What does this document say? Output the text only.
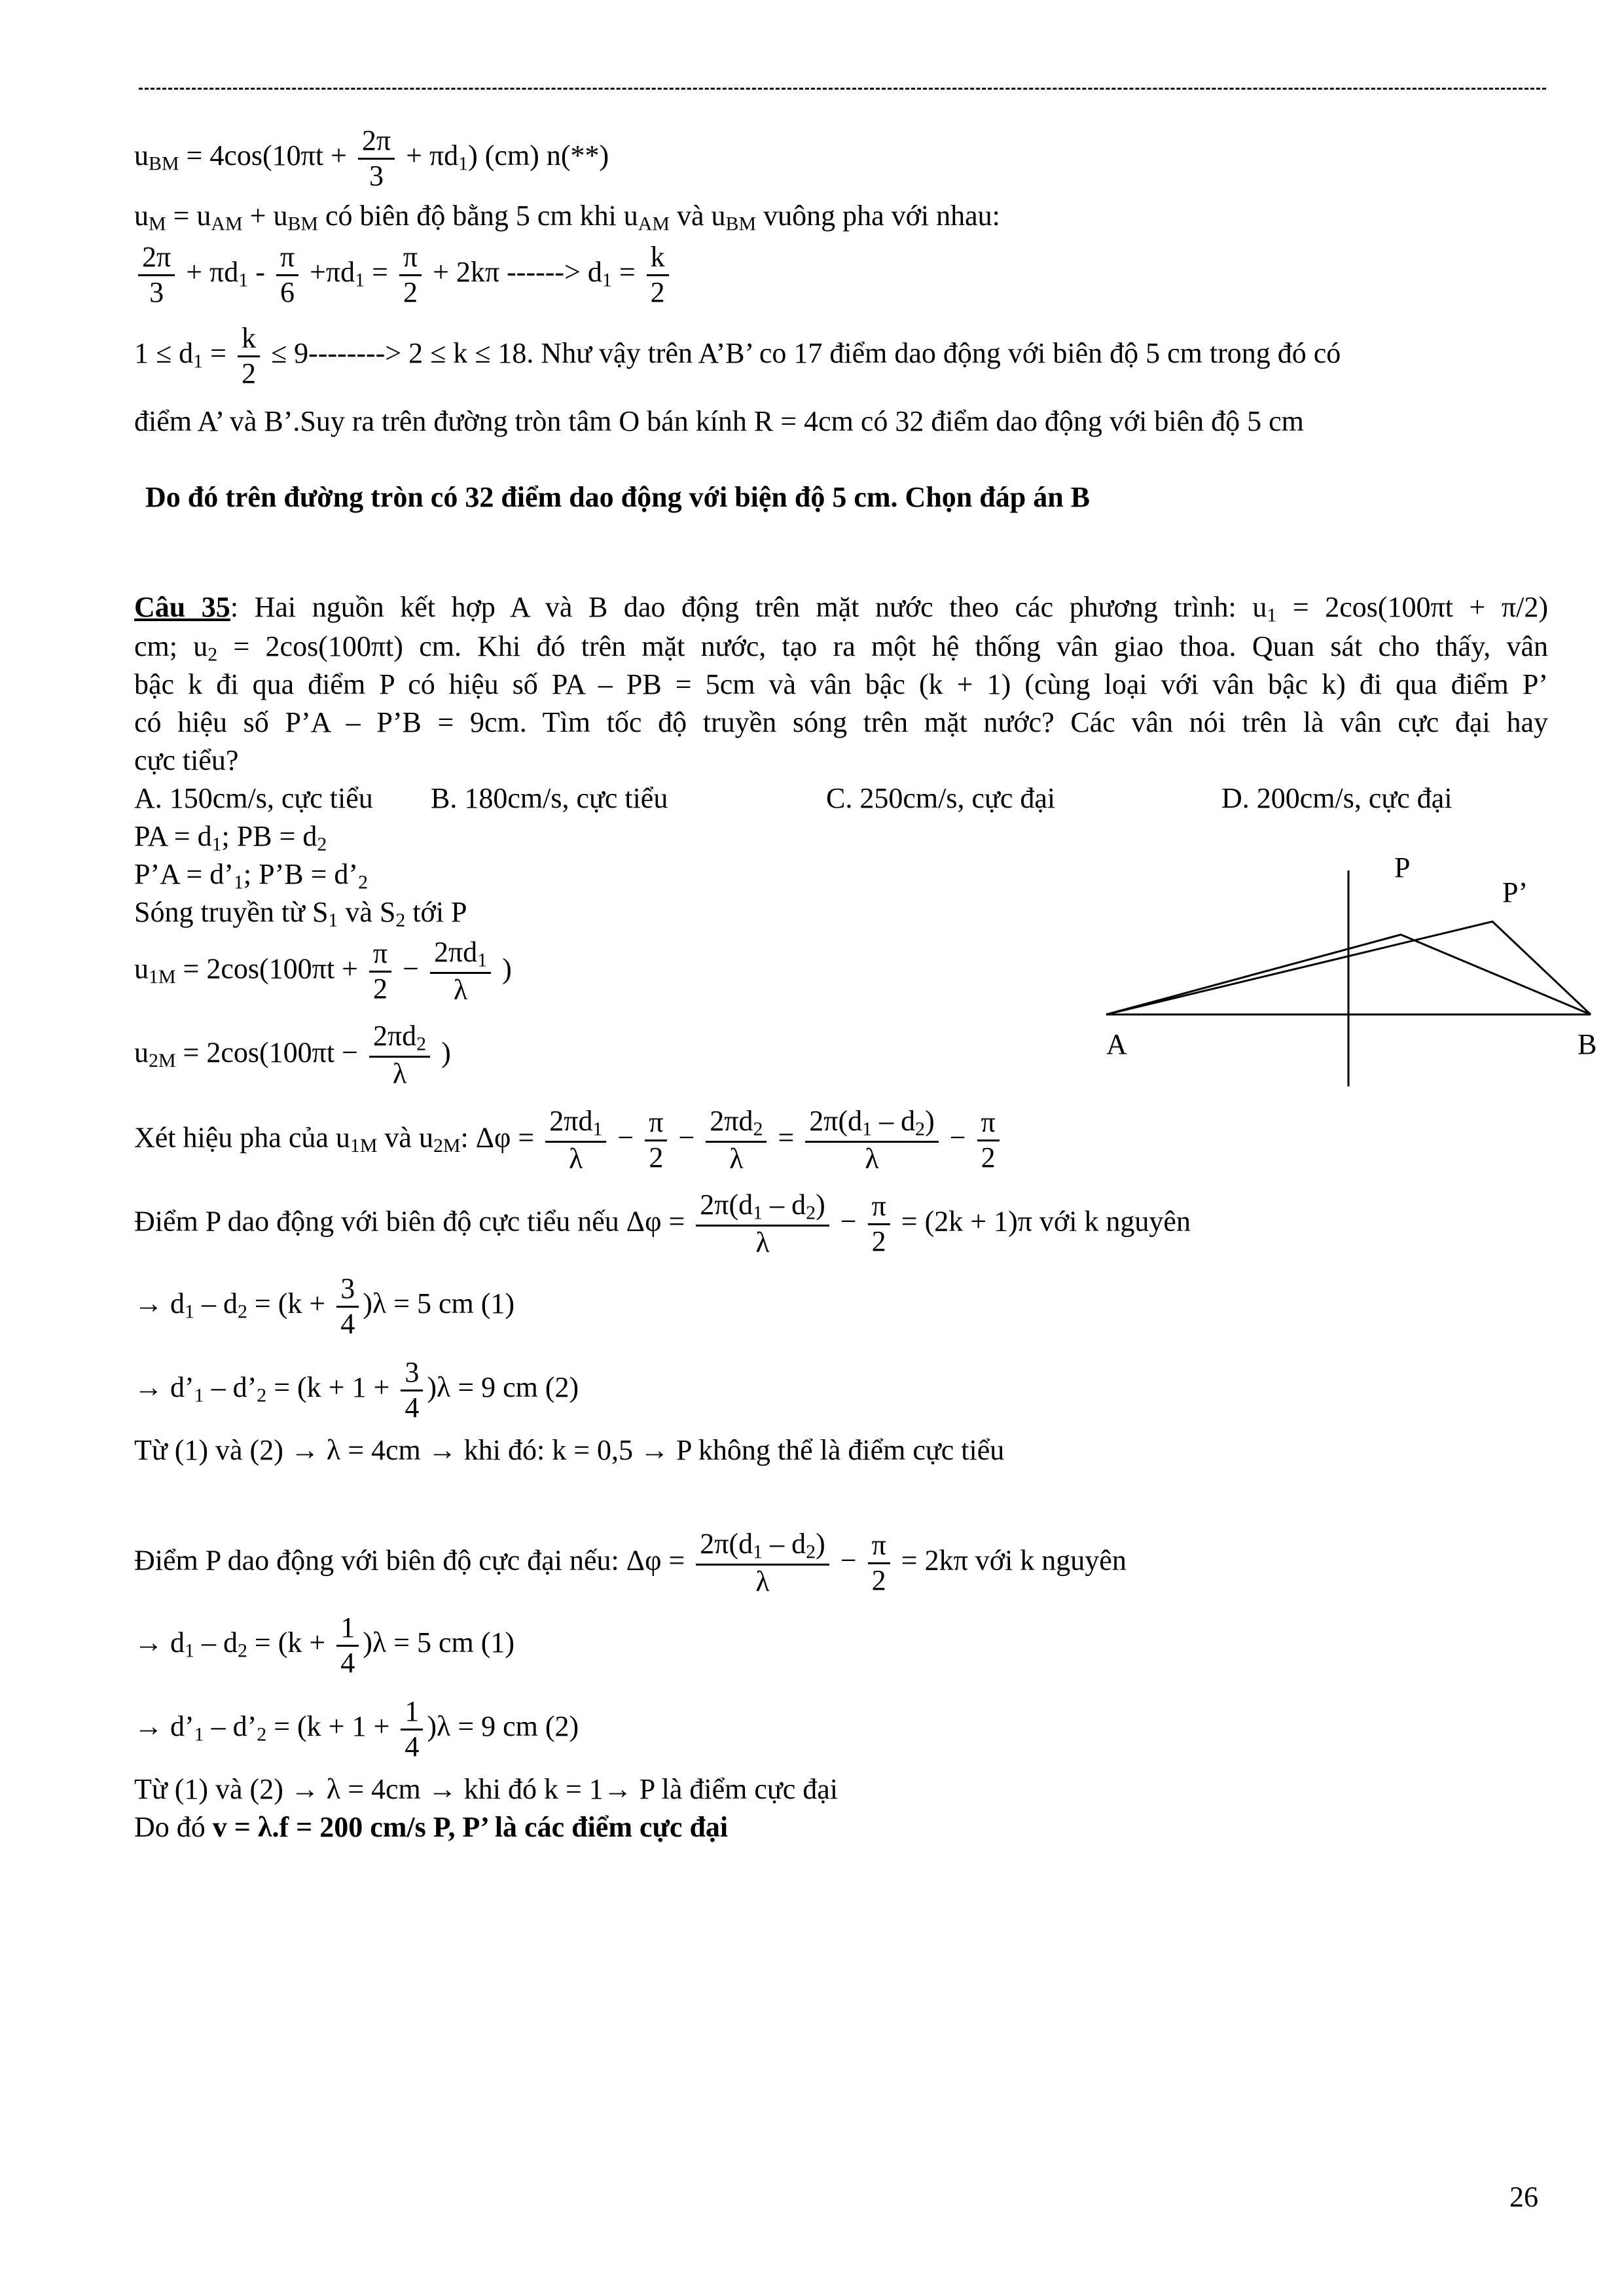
$u_{BM} = 4\cos(10\pi t + \frac{2\pi}{3} + \pi d_1)$ (cm) n(**)
$u_M = u_{AM} + u_{BM}$ có biên độ bằng 5 cm khi $u_{AM}$ và $u_{BM}$ vuông pha với nhau:
$\frac{2\pi}{3} + \pi d_1 - \frac{\pi}{6} +\pi d_1 = \frac{\pi}{2} + 2k\pi$ ------> $d_1 = \frac{k}{2}$
$1 \le d_1 = \frac{k}{2} \le 9--------> 2 \le k \le 18$. Như vậy trên A’B’ co 17 điểm dao động với biên độ 5 cm trong đó có
điểm A’ và B’.Suy ra trên đường tròn tâm O bán kính R = 4cm có 32 điểm dao động với biên độ 5 cm
Do đó trên đường tròn có 32 điểm dao động với biện độ 5 cm. Chọn đáp án B
Câu 35: Hai nguồn kết hợp A và B dao động trên mặt nước theo các phương trình: $u_1 = 2\cos(100\pi t + \pi/2)$
cm; $u_2 = 2\cos(100\pi t)$ cm. Khi đó trên mặt nước, tạo ra một hệ thống vân giao thoa. Quan sát cho thấy, vân
bậc k đi qua điểm P có hiệu số PA – PB = 5cm và vân bậc (k + 1) (cùng loại với vân bậc k) đi qua điểm P’
có hiệu số P’A – P’B = 9cm. Tìm tốc độ truyền sóng trên mặt nước? Các vân nói trên là vân cực đại hay
cực tiểu?
A. 150cm/s, cực tiểu B. 180cm/s, cực tiểu	C. 250cm/s, cực đại	D. 200cm/s, cực đại
PA = $d_1$; PB = $d_2$
P’A = $d’_1$; P’B = $d’_2$
Sóng truyền từ $S_1$ và $S_2$ tới P
$u_{1M} = 2\cos(100\pi t + \frac{\pi}{2} - \frac{2\pi d_1}{\lambda}$ )
$u_{2M} = 2\cos(100\pi t - \frac{2\pi d_2}{\lambda}$ )
Xét hiệu pha của $u_{1M}$ và $u_{2M}$: $\Delta\varphi = \frac{2\pi d_1}{\lambda} - \frac{\pi}{2} - \frac{2\pi d_2}{\lambda} = \frac{2\pi(d_1 - d_2)}{\lambda} - \frac{\pi}{2}$
Điểm P dao động với biên độ cực tiểu nếu $\Delta\varphi = \frac{2\pi(d_1 - d_2)}{\lambda} - \frac{\pi}{2} = (2k + 1)\pi$ với k nguyên
→ $d_1 - d_2 = (k + \frac{3}{4} )\lambda = 5$ cm (1)
→ $d’_1$ – $d’_2 = (k + 1 + \frac{3}{4} )\lambda = 9$ cm (2)
Từ (1) và (2) → λ = 4cm → khi đó: k = 0,5 → P không thể là điểm cực tiểu
Điểm P dao động với biên độ cực đại nếu: $\Delta\varphi = \frac{2\pi(d_1 - d_2)}{\lambda} - \frac{\pi}{2} = 2k\pi$ với k nguyên
→ $d_1 - d_2 = (k + \frac{1}{4} )\lambda = 5$ cm (1)
→ $d’_1$ – $d’_2 = (k + 1 + \frac{1}{4} )\lambda = 9$ cm (2)
Từ (1) và (2) → λ = 4cm → khi đó k = 1→ P là điểm cực đại
Do đó v = λ.f = 200 cm/s P, P’ là các điểm cực đại
P
P’
A	B
26
